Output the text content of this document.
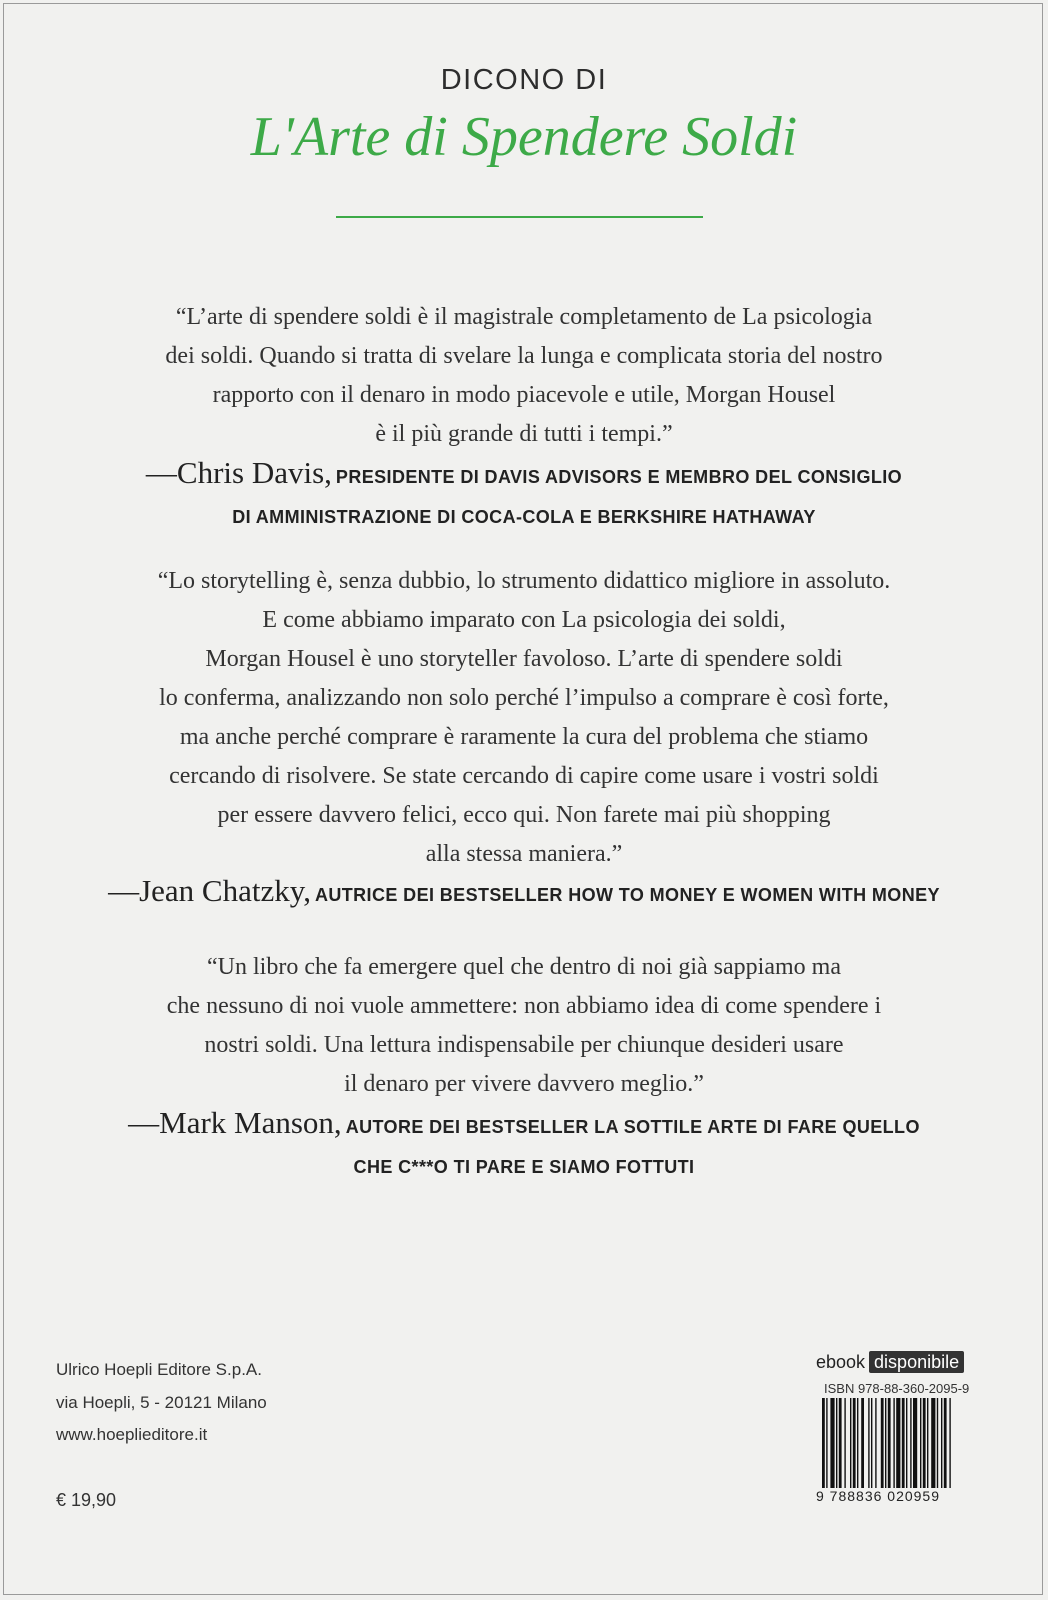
DICONO DI
L'Arte di Spendere Soldi
“L’arte di spendere soldi è il magistrale completamento de La psicologia
dei soldi. Quando si tratta di svelare la lunga e complicata storia del nostro
rapporto con il denaro in modo piacevole e utile, Morgan Housel
è il più grande di tutti i tempi.”
—Chris Davis, PRESIDENTE DI DAVIS ADVISORS E MEMBRO DEL CONSIGLIO
DI AMMINISTRAZIONE DI COCA-COLA E BERKSHIRE HATHAWAY
“Lo storytelling è, senza dubbio, lo strumento didattico migliore in assoluto.
E come abbiamo imparato con La psicologia dei soldi,
Morgan Housel è uno storyteller favoloso. L’arte di spendere soldi
lo conferma, analizzando non solo perché l’impulso a comprare è così forte,
ma anche perché comprare è raramente la cura del problema che stiamo
cercando di risolvere. Se state cercando di capire come usare i vostri soldi
per essere davvero felici, ecco qui. Non farete mai più shopping
alla stessa maniera.”
—Jean Chatzky, AUTRICE DEI BESTSELLER HOW TO MONEY E WOMEN WITH MONEY
“Un libro che fa emergere quel che dentro di noi già sappiamo ma
che nessuno di noi vuole ammettere: non abbiamo idea di come spendere i
nostri soldi. Una lettura indispensabile per chiunque desideri usare
il denaro per vivere davvero meglio.”
—Mark Manson, AUTORE DEI BESTSELLER LA SOTTILE ARTE DI FARE QUELLO
CHE C***O TI PARE E SIAMO FOTTUTI
Ulrico Hoepli Editore S.p.A.
via Hoepli, 5 - 20121 Milano
www.hoeplieditore.it
€ 19,90
ebook disponibile
ISBN 978-88-360-2095-9
9 788836 020959
